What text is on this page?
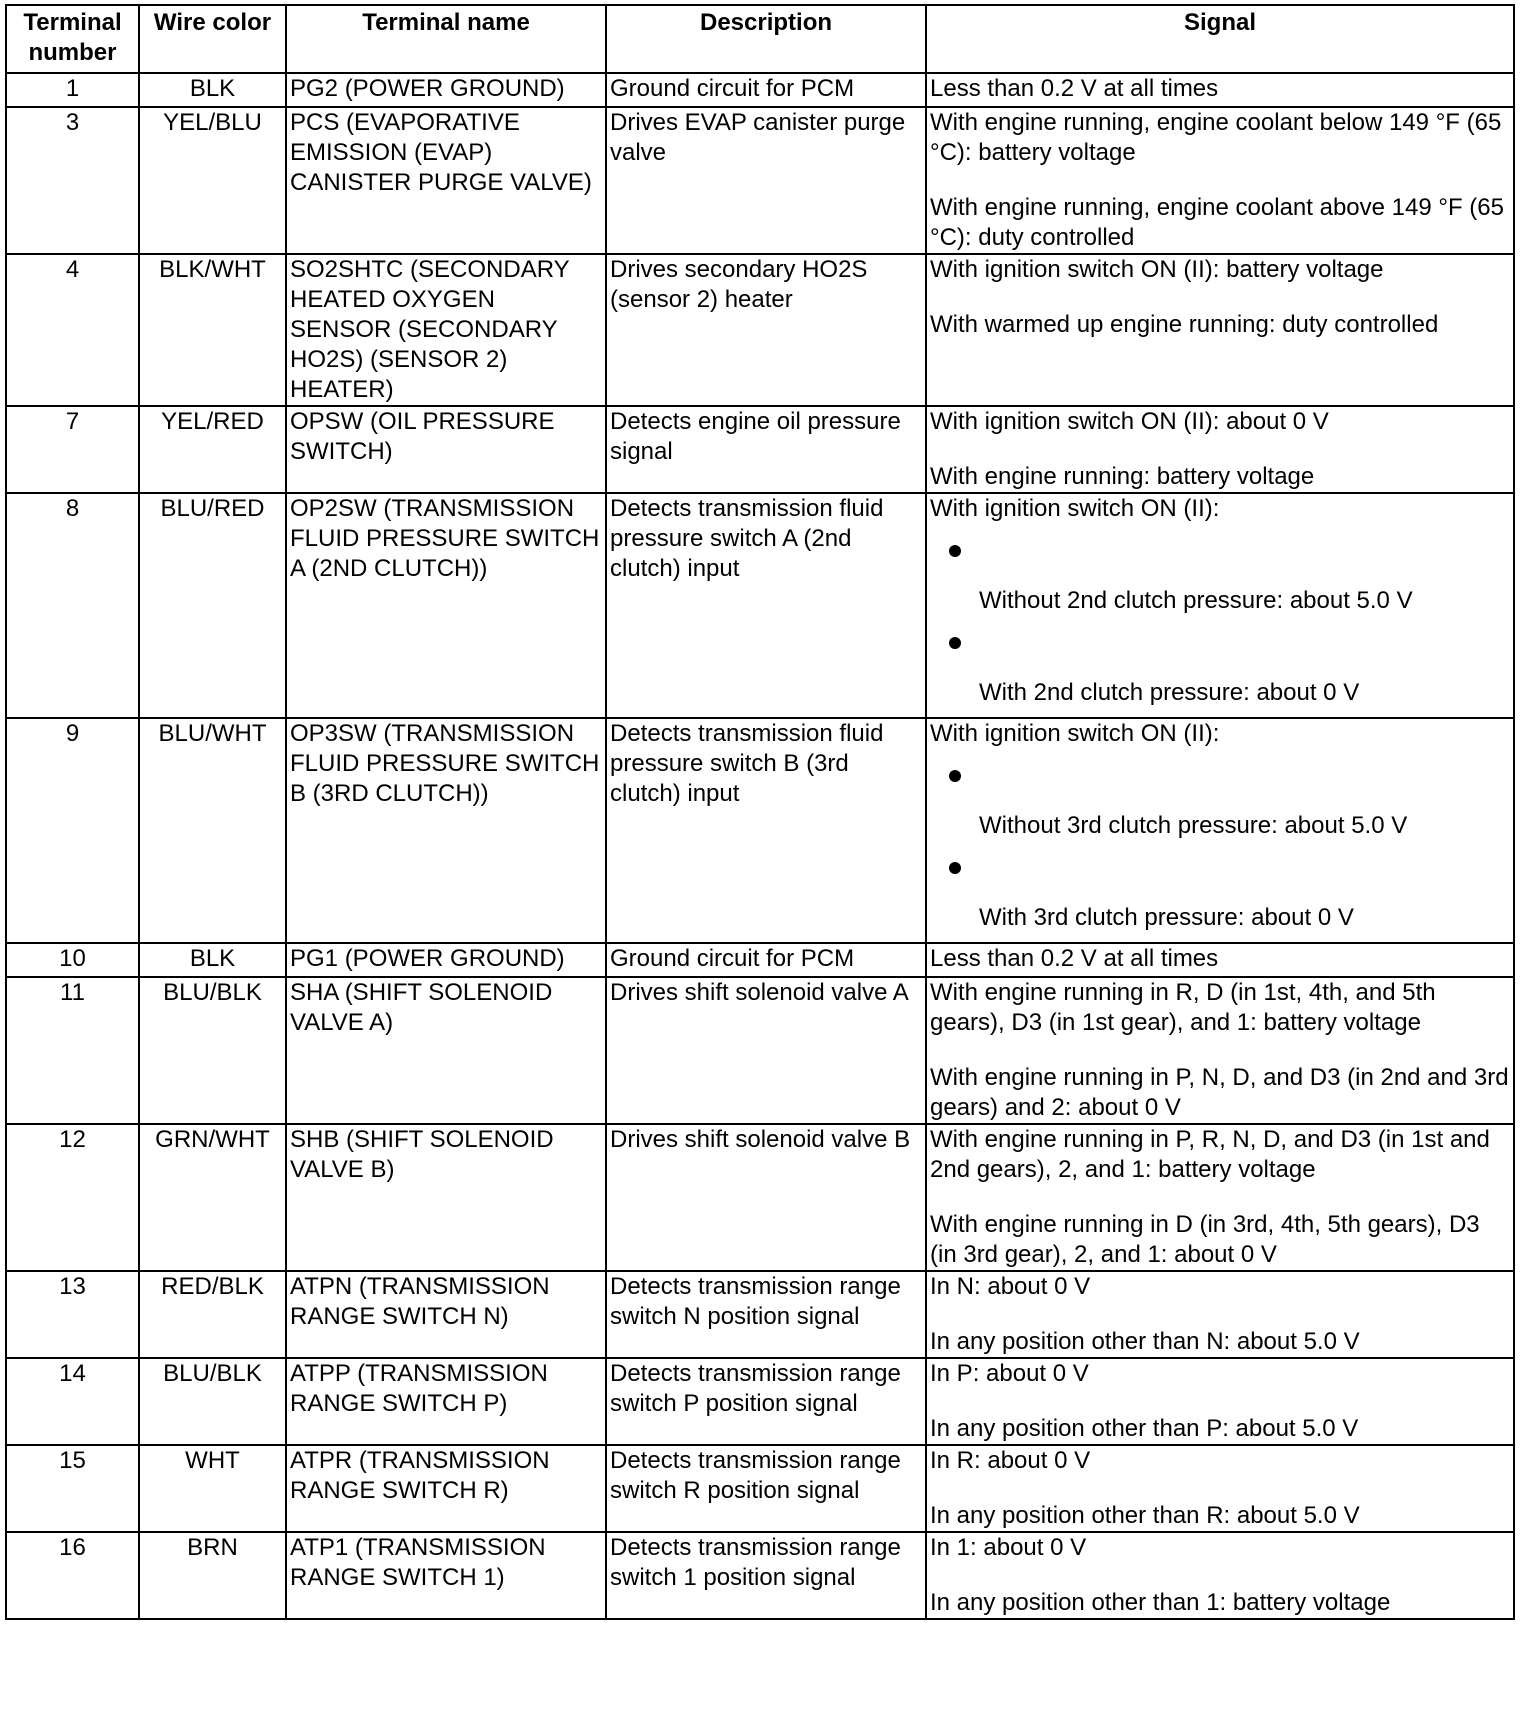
Terminal number	Wire color	Terminal name	Description	Signal
1	BLK	PG2 (POWER GROUND)	Ground circuit for PCM	Less than 0.2 V at all times

3	YEL/BLU	PCS (EVAPORATIVE EMISSION (EVAP) CANISTER PURGE VALVE)	Drives EVAP canister purge valve	With engine running, engine coolant below 149 °F (65 °C): battery voltage
With engine running, engine coolant above 149 °F (65 °C): duty controlled

4	BLK/WHT	SO2SHTC (SECONDARY HEATED OXYGEN SENSOR (SECONDARY HO2S) (SENSOR 2) HEATER)	Drives secondary HO2S (sensor 2) heater	With ignition switch ON (II): battery voltage
With warmed up engine running: duty controlled

7	YEL/RED	OPSW (OIL PRESSURE SWITCH)	Detects engine oil pressure signal	With ignition switch ON (II): about 0 V
With engine running: battery voltage

8	BLU/RED	OP2SW (TRANSMISSION FLUID PRESSURE SWITCH A (2ND CLUTCH))	Detects transmission fluid pressure switch A (2nd clutch) input	With ignition switch ON (II):
Without 2nd clutch pressure: about 5.0 V
With 2nd clutch pressure: about 0 V

9	BLU/WHT	OP3SW (TRANSMISSION FLUID PRESSURE SWITCH B (3RD CLUTCH))	Detects transmission fluid pressure switch B (3rd clutch) input	With ignition switch ON (II):
Without 3rd clutch pressure: about 5.0 V
With 3rd clutch pressure: about 0 V

10	BLK	PG1 (POWER GROUND)	Ground circuit for PCM	Less than 0.2 V at all times

11	BLU/BLK	SHA (SHIFT SOLENOID VALVE A)	Drives shift solenoid valve A	With engine running in R, D (in 1st, 4th, and 5th gears), D3 (in 1st gear), and 1: battery voltage
With engine running in P, N, D, and D3 (in 2nd and 3rd gears) and 2: about 0 V

12	GRN/WHT	SHB (SHIFT SOLENOID VALVE B)	Drives shift solenoid valve B	With engine running in P, R, N, D, and D3 (in 1st and 2nd gears), 2, and 1: battery voltage
With engine running in D (in 3rd, 4th, 5th gears), D3 (in 3rd gear), 2, and 1: about 0 V

13	RED/BLK	ATPN (TRANSMISSION RANGE SWITCH N)	Detects transmission range switch N position signal	In N: about 0 V
In any position other than N: about 5.0 V

14	BLU/BLK	ATPP (TRANSMISSION RANGE SWITCH P)	Detects transmission range switch P position signal	In P: about 0 V
In any position other than P: about 5.0 V

15	WHT	ATPR (TRANSMISSION RANGE SWITCH R)	Detects transmission range switch R position signal	In R: about 0 V
In any position other than R: about 5.0 V

16	BRN	ATP1 (TRANSMISSION RANGE SWITCH 1)	Detects transmission range switch 1 position signal	In 1: about 0 V
In any position other than 1: battery voltage
